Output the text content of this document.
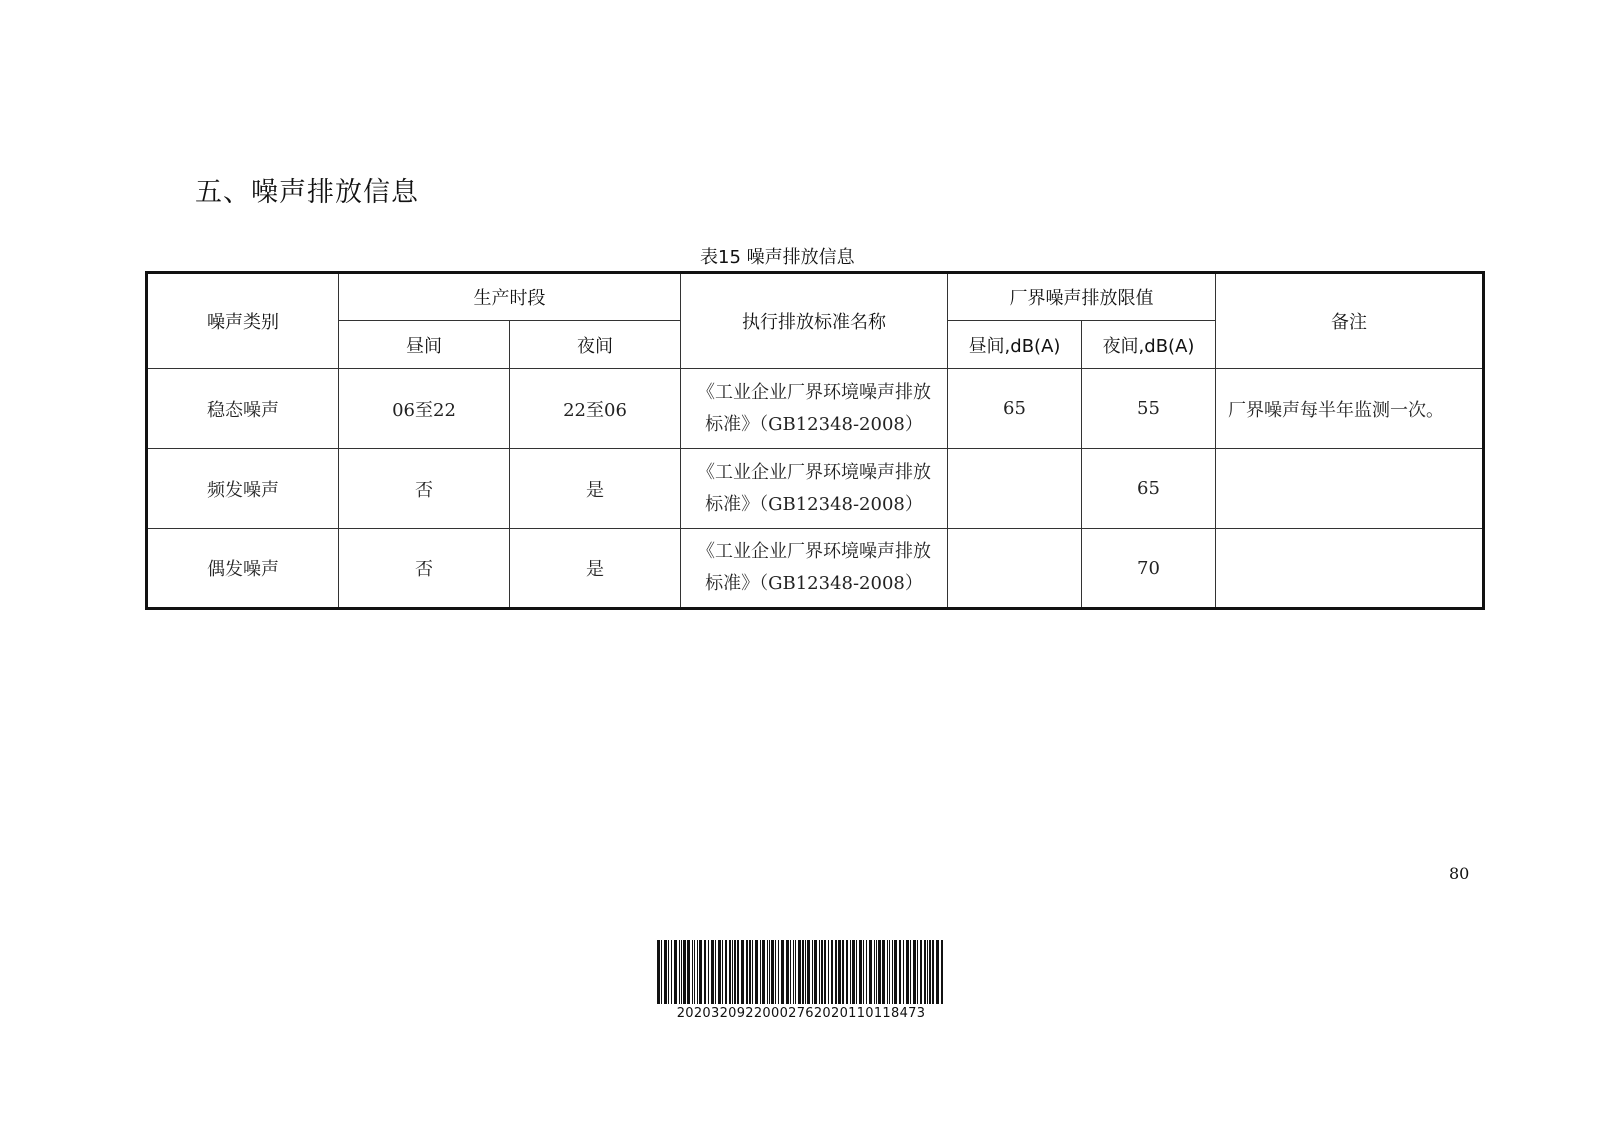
五、噪声排放信息
表15 噪声排放信息
噪声类别	生产时段		执行排放标准名称	厂界噪声排放限值		备注
	昼间	夜间		昼间,dB(A)	夜间,dB(A)	
稳态噪声	06至22	22至06	《工业企业厂界环境噪声排放
标准》（GB12348-2008）	65	55	厂界噪声每半年监测一次。
频发噪声	否	是	《工业企业厂界环境噪声排放
标准》（GB12348-2008）		65	
偶发噪声	否	是	《工业企业厂界环境噪声排放
标准》（GB12348-2008）		70	
80
20203209220002762020110118473
